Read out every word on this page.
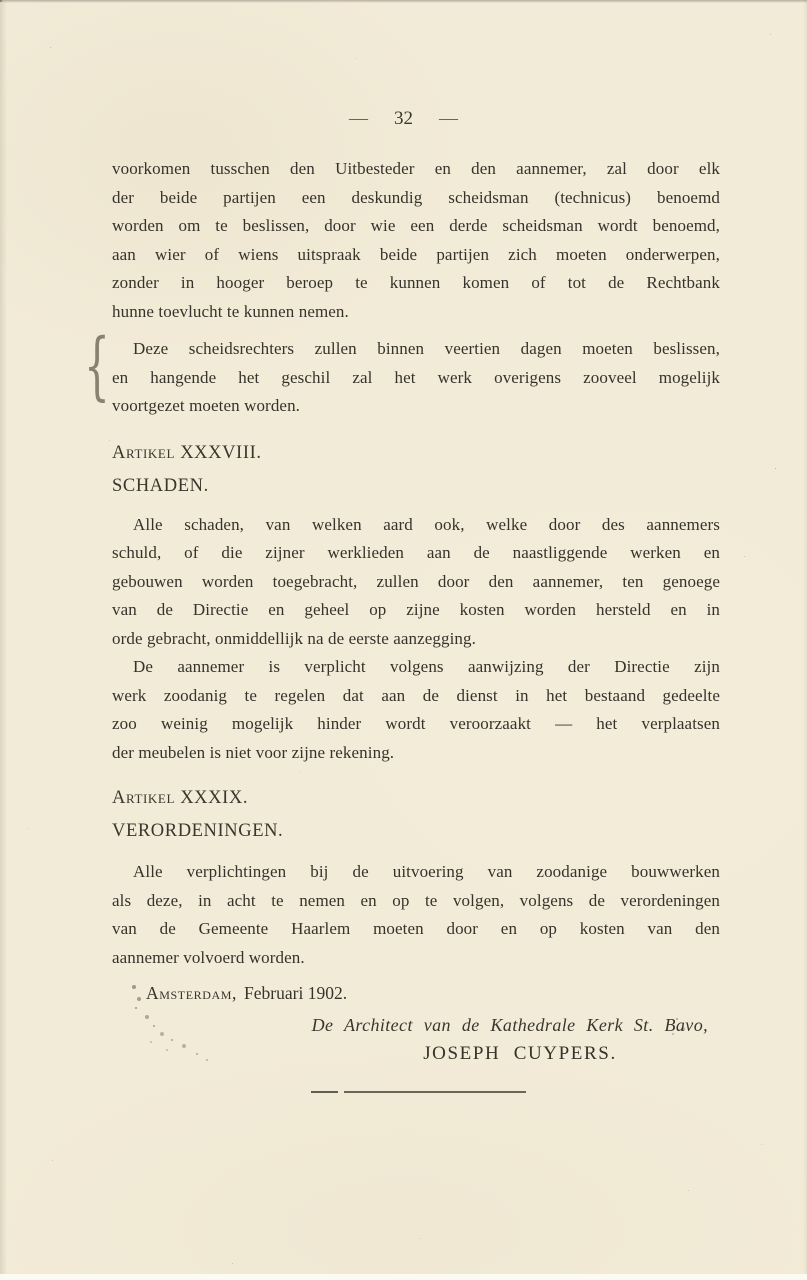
— 32 —
{
voorkomen tusschen den Uitbesteder en den aannemer, zal door elk
der beide partijen een deskundig scheidsman (technicus) benoemd
worden om te beslissen, door wie een derde scheidsman wordt benoemd,
aan wier of wiens uitspraak beide partijen zich moeten onderwerpen,
zonder in hooger beroep te kunnen komen of tot de Rechtbank
hunne toevlucht te kunnen nemen.
Deze scheidsrechters zullen binnen veertien dagen moeten beslissen,
en hangende het geschil zal het werk overigens zooveel mogelijk
voortgezet moeten worden.
Artikel XXXVIII.
SCHADEN.
Alle schaden, van welken aard ook, welke door des aannemers
schuld, of die zijner werklieden aan de naastliggende werken en
gebouwen worden toegebracht, zullen door den aannemer, ten genoege
van de Directie en geheel op zijne kosten worden hersteld en in
orde gebracht, onmiddellijk na de eerste aanzegging.
De aannemer is verplicht volgens aanwijzing der Directie zijn
werk zoodanig te regelen dat aan de dienst in het bestaand gedeelte
zoo weinig mogelijk hinder wordt veroorzaakt — het verplaatsen
der meubelen is niet voor zijne rekening.
Artikel XXXIX.
VERORDENINGEN.
Alle verplichtingen bij de uitvoering van zoodanige bouwwerken
als deze, in acht te nemen en op te volgen, volgens de verordeningen
van de Gemeente Haarlem moeten door en op kosten van den
aannemer volvoerd worden.
Amsterdam, Februari 1902.
De Architect van de Kathedrale Kerk St. Bavo,
JOSEPH CUYPERS.
